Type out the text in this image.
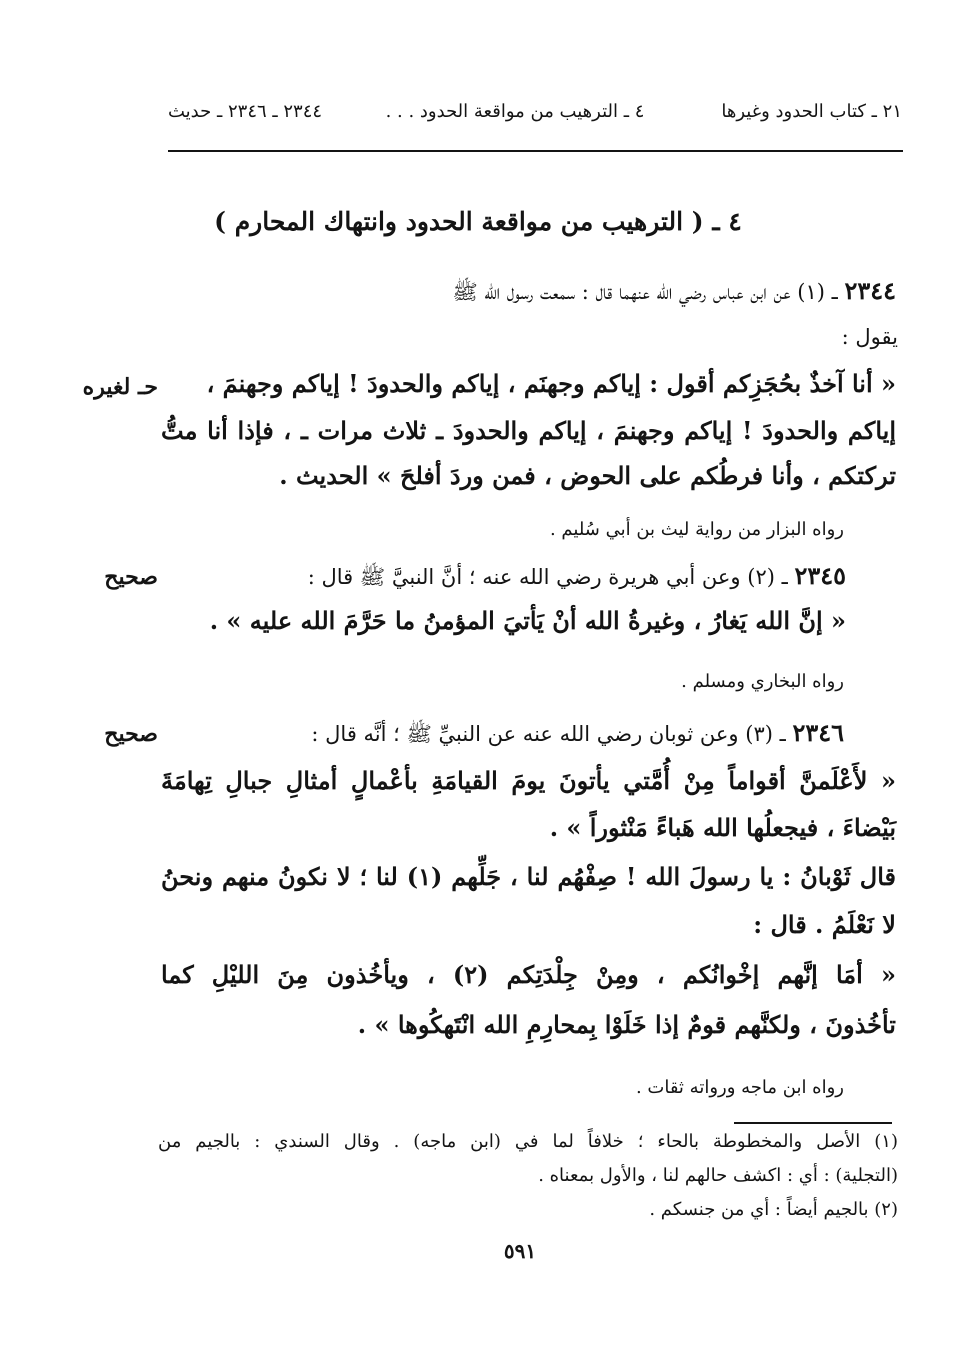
٢١ ـ كتاب الحدود وغيرها
٤ ـ الترهيب من مواقعة الحدود . . .
٢٣٤٤ ـ ٢٣٤٦ ـ حديث
٤ ـ ( الترهيب من مواقعة الحدود وانتهاك المحارم )
٢٣٤٤ ـ (١) عن ابن عباس رضي الله عنهما قال : سمعت رسول الله ﷺ
يقول :
حـ لغيره « أنا آخذٌ بحُجَزِكم أقول : إياكم وجهنَم ، إياكم والحدودَ ! إياكم وجهنمَ ،
إياكم والحدودَ ! إياكم وجهنمَ ، إياكم والحدودَ ـ ثلاث مرات ـ ، فإذا أنا متُّ
تركتكم ، وأنا فرطُكم على الحوض ، فمن وردَ أفلحَ » الحديث .
رواه البزار من رواية ليث بن أبي سُليم .
صحيح	٢٣٤٥ ـ (٢) وعن أبي هريرة رضي الله عنه ؛ أنَّ النبيَّ ﷺ قال :
« إنَّ الله يَغارُ ، وغيرةُ الله أنْ يَأتيَ المؤمنُ ما حَرَّمَ الله عليه » .
رواه البخاري ومسلم .
صحيح	٢٣٤٦ ـ (٣) وعن ثوبان رضي الله عنه عن النبيِّ ﷺ ؛ أنَّه قال :
« لأَعْلَمنَّ أقواماً مِنْ أُمَّتي يأتونَ يومَ القيامَةِ بأعْمالٍ أمثالِ جبالِ تِهامَةَ
بَيْضاءَ ، فيجعلُها الله هَباءً مَنْثوراً » .
قال ثَوْبانُ : يا رسولَ الله ! صِفْهُم لنا ، جَلِّهم (١) لنا ؛ لا نكونُ منهم ونحنُ
لا نَعْلَمُ . قال :
« أمَا إنَّهم إخْوانُكم ، ومِنْ جِلْدَتِكم (٢) ، ويأخُذون مِنَ الليْلِ كما
تأخُذونَ ، ولكنَّهم قومٌ إذا خَلَوْا بِمحارِمِ الله انْتَهكُوها » .
رواه ابن ماجه ورواته ثقات .
(١) الأصل والمخطوطة بالحاء ؛ خلافاً لما في (ابن ماجه) . وقال السندي : بالجيم من
(التجلية) : أي : اكشف حالهم لنا ، والأول بمعناه .
(٢) بالجيم أيضاً : أي من جنسكم .
٥٩١
